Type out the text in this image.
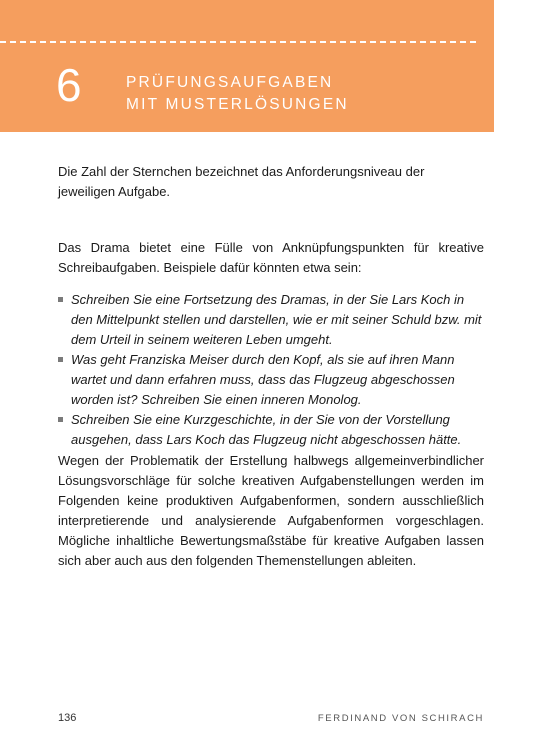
6	PRÜFUNGSAUFGABEN
MIT MUSTERLÖSUNGEN

Die Zahl der Sternchen bezeichnet das Anforderungsniveau der jeweiligen Aufgabe.

Das Drama bietet eine Fülle von Anknüpfungspunkten für kreative Schreibaufgaben. Beispiele dafür könnten etwa sein:

Schreiben Sie eine Fortsetzung des Dramas, in der Sie Lars Koch in den Mittelpunkt stellen und darstellen, wie er mit seiner Schuld bzw. mit dem Urteil in seinem weiteren Leben umgeht.
Was geht Franziska Meiser durch den Kopf, als sie auf ihren Mann wartet und dann erfahren muss, dass das Flugzeug abgeschossen worden ist? Schreiben Sie einen inneren Monolog.
Schreiben Sie eine Kurzgeschichte, in der Sie von der Vorstellung ausgehen, dass Lars Koch das Flugzeug nicht abgeschossen hätte.

Wegen der Problematik der Erstellung halbwegs allgemeinverbindlicher Lösungsvorschläge für solche kreativen Aufgabenstellungen werden im Folgenden keine produktiven Aufgabenformen, sondern ausschließlich interpretierende und analysierende Aufgabenformen vorgeschlagen. Mögliche inhaltliche Bewertungsmaßstäbe für kreative Aufgaben lassen sich aber auch aus den folgenden Themenstellungen ableiten.

136	FERDINAND VON SCHIRACH
